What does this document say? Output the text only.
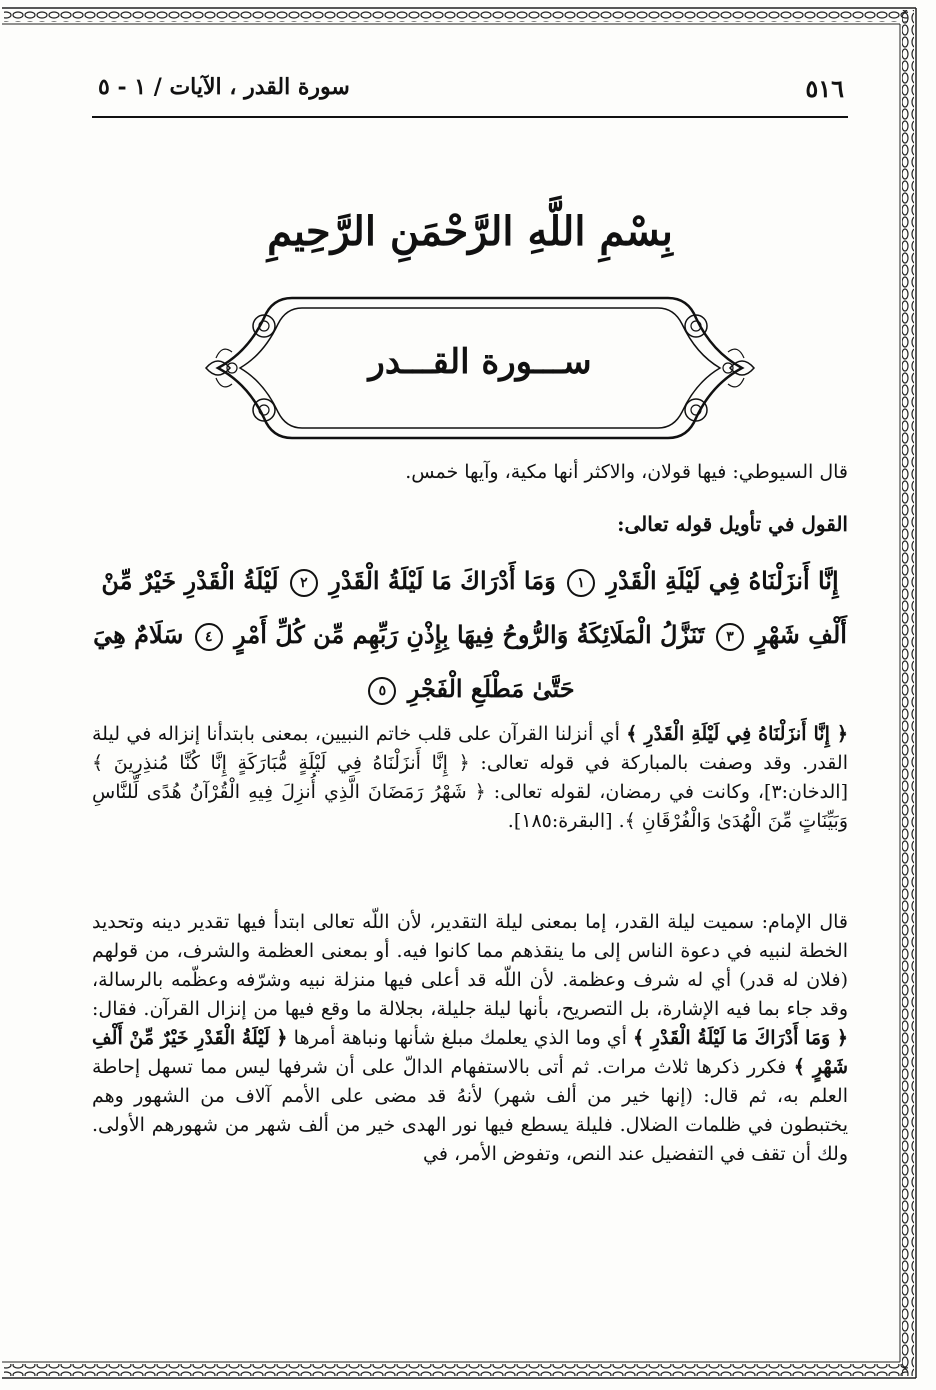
٥١٦
سورة القدر ، الآيات / ١ - ٥
بِسْمِ اللَّهِ الرَّحْمَنِ الرَّحِيمِ
ســـورة القـــدر
قال السيوطي: فيها قولان، والاكثر أنها مكية، وآيها خمس.
القول في تأويل قوله تعالى:
إِنَّا أَنزَلْنَاهُ فِي لَيْلَةِ الْقَدْرِ ١ وَمَا أَدْرَاكَ مَا لَيْلَةُ الْقَدْرِ ٢ لَيْلَةُ الْقَدْرِ خَيْرٌ مِّنْ أَلْفِ شَهْرٍ ٣ تَنَزَّلُ الْمَلَائِكَةُ وَالرُّوحُ فِيهَا بِإِذْنِ رَبِّهِم مِّن كُلِّ أَمْرٍ ٤ سَلَامٌ هِيَ حَتَّىٰ مَطْلَعِ الْفَجْرِ ٥
﴿ إِنَّا أَنزَلْنَاهُ فِي لَيْلَةِ الْقَدْرِ ﴾ أي أنزلنا القرآن على قلب خاتم النبيين، بمعنى بابتدأنا إنزاله في ليلة القدر. وقد وصفت بالمباركة في قوله تعالى: ﴿ إِنَّا أَنزَلْنَاهُ فِي لَيْلَةٍ مُّبَارَكَةٍ إِنَّا كُنَّا مُنذِرِينَ ﴾ [الدخان:٣]، وكانت في رمضان، لقوله تعالى: ﴿ شَهْرُ رَمَضَانَ الَّذِي أُنزِلَ فِيهِ الْقُرْآنُ هُدًى لِّلنَّاسِ وَبَيِّنَاتٍ مِّنَ الْهُدَىٰ وَالْفُرْقَانِ ﴾. [البقرة:١٨٥].
قال الإمام: سميت ليلة القدر، إما بمعنى ليلة التقدير، لأن اللّه تعالى ابتدأ فيها تقدير دينه وتحديد الخطة لنبيه في دعوة الناس إلى ما ينقذهم مما كانوا فيه. أو بمعنى العظمة والشرف، من قولهم (فلان له قدر) أي له شرف وعظمة. لأن اللّه قد أعلى فيها منزلة نبيه وشرّفه وعظّمه بالرسالة، وقد جاء بما فيه الإشارة، بل التصريح، بأنها ليلة جليلة، بجلالة ما وقع فيها من إنزال القرآن. فقال: ﴿ وَمَا أَدْرَاكَ مَا لَيْلَةُ الْقَدْرِ ﴾ أي وما الذي يعلمك مبلغ شأنها ونباهة أمرها ﴿ لَيْلَةُ الْقَدْرِ خَيْرٌ مِّنْ أَلْفِ شَهْرٍ ﴾ فكرر ذكرها ثلاث مرات. ثم أتى بالاستفهام الدالّ على أن شرفها ليس مما تسهل إحاطة العلم به، ثم قال: (إنها خير من ألف شهر) لأنهُ قد مضى على الأمم آلاف من الشهور وهم يختبطون في ظلمات الضلال. فليلة يسطع فيها نور الهدى خير من ألف شهر من شهورهم الأولى. ولك أن تقف في التفضيل عند النص، وتفوض الأمر، في
